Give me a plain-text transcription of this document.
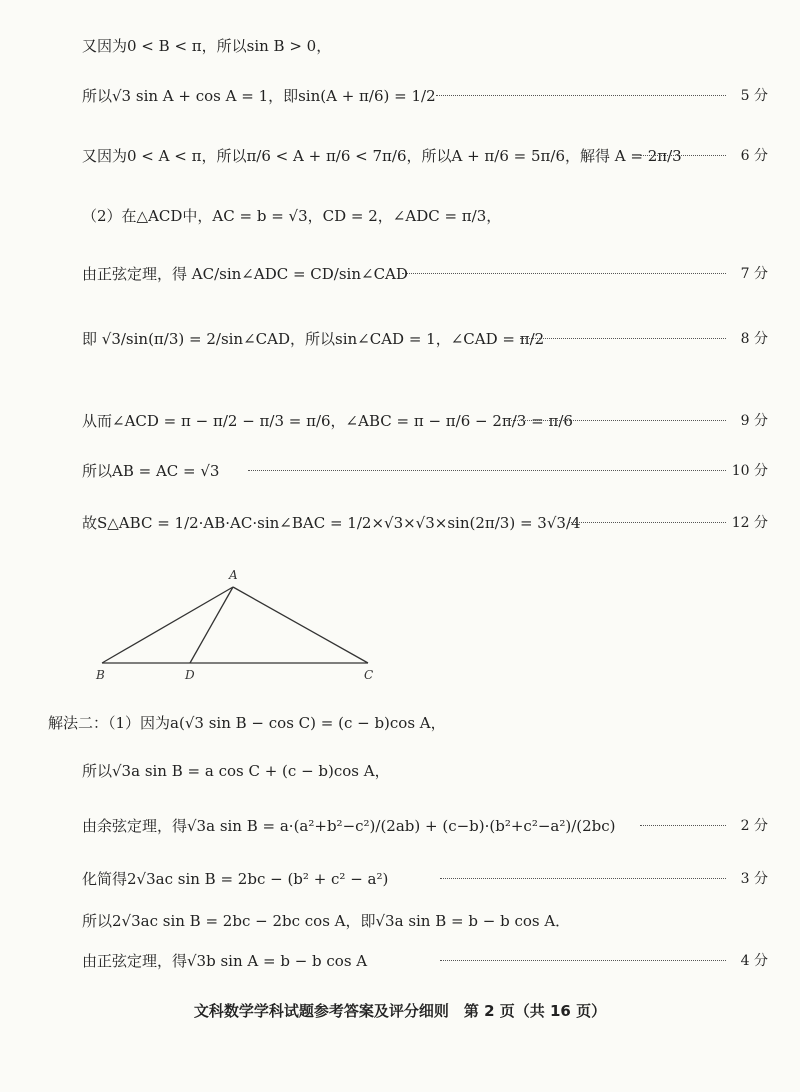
又因为0 < B < π，所以sin B > 0，
所以√3 sin A + cos A = 1，即sin(A + π/6) = 1/2	5 分
又因为0 < A < π，所以π/6 < A + π/6 < 7π/6，所以A + π/6 = 5π/6，解得 A = 2π/3	6 分
（2）在△ACD中，AC = b = √3，CD = 2，∠ADC = π/3，
由正弦定理，得 AC/sin∠ADC = CD/sin∠CAD	7 分
即 √3/sin(π/3) = 2/sin∠CAD，所以sin∠CAD = 1，∠CAD = π/2	8 分
从而∠ACD = π − π/2 − π/3 = π/6，∠ABC = π − π/6 − 2π/3 = π/6	9 分
所以AB = AC = √3	10 分
故S△ABC = 1/2·AB·AC·sin∠BAC = 1/2×√3×√3×sin(2π/3) = 3√3/4	12 分
A
B	D	C
解法二：（1）因为a(√3 sin B − cos C) = (c − b)cos A，
所以√3a sin B = a cos C + (c − b)cos A，
由余弦定理，得√3a sin B = a·(a²+b²−c²)/(2ab) + (c−b)·(b²+c²−a²)/(2bc)	2 分
化简得2√3ac sin B = 2bc − (b² + c² − a²)	3 分
所以2√3ac sin B = 2bc − 2bc cos A，即√3a sin B = b − b cos A．
由正弦定理，得√3b sin A = b − b cos A	4 分
文科数学学科试题参考答案及评分细则　第 2 页（共 16 页）
